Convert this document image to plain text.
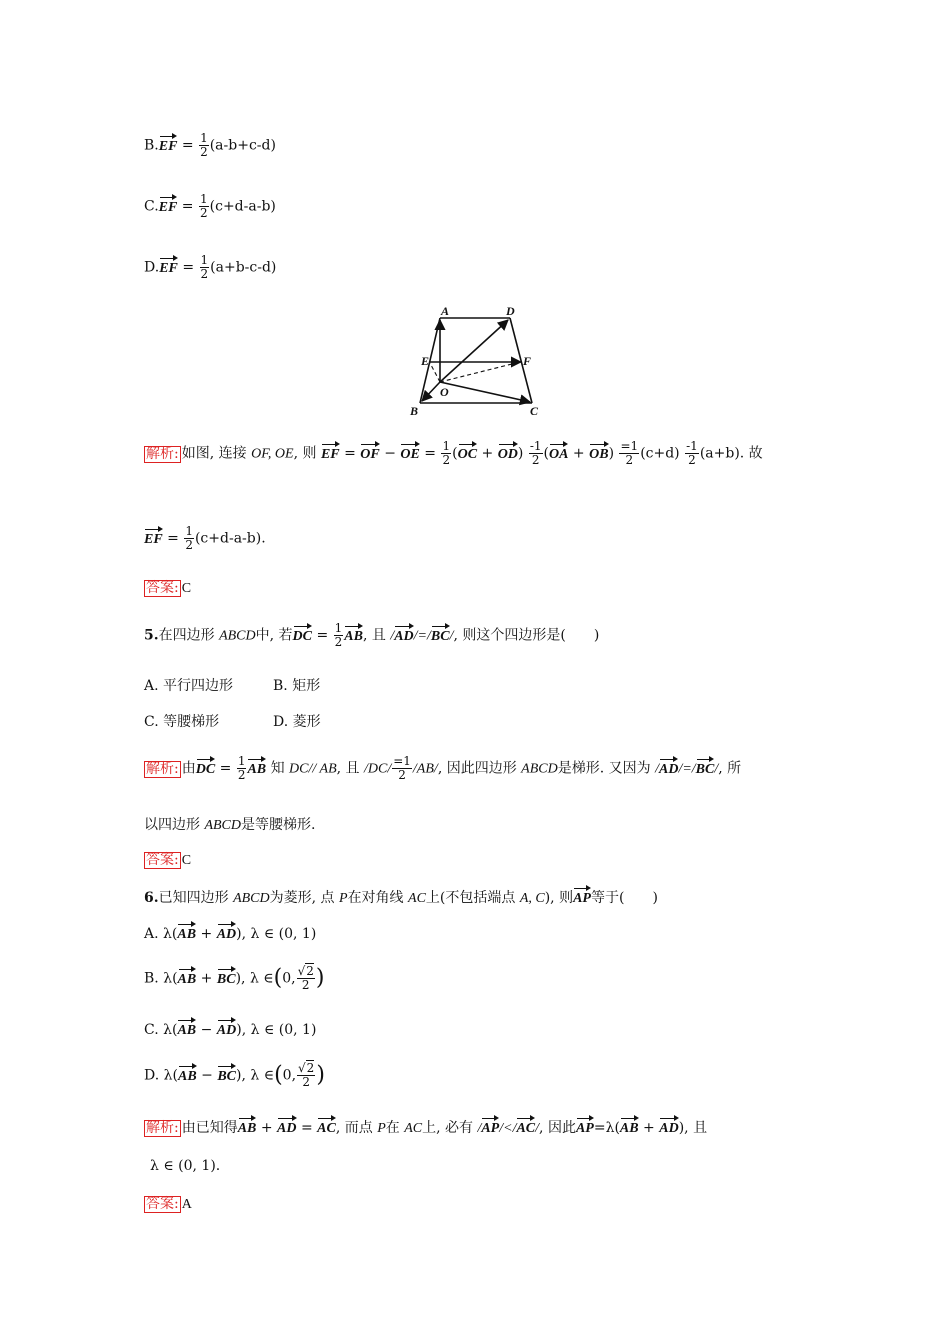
$B.EF = \frac{1}{2} (a-b+c-d)$
$C.EF = \frac{1}{2} (c+d-a-b)$
$D.EF = \frac{1}{2} (a+b-c-d)$
A	D
E	F
O
B	C
解析: 如图, 连接 OF, OE, 则 EF = OF − OE = $\frac{1}{2} (OC + OD) \frac{-1}{2} (OA + OB) \frac{=1}{2} (c+d) \frac{-1}{2} (a+b)$. 故
EF = $\frac{1}{2} (c+d-a-b)$.
答案: C
5.在四边形 ABCD中, 若DC = $\frac{1}{2}$ AB, 且 /AD/=/BC/, 则这个四边形是(　　)
A. 平行四边形	B. 矩形
C. 等腰梯形	D. 菱形
解析: 由DC = $\frac{1}{2}$ AB 知 DC// AB, 且 $/DC/ \frac{=1}{2} /AB/$, 因此四边形 ABCD是梯形. 又因为 /AD/=/BC/, 所
以四边形 ABCD是等腰梯形.
答案: C
6.已知四边形 ABCD为菱形, 点 P在对角线 AC上(不包括端点 A, C), 则AP等于(　　)
A. λ(AB + AD), λ ∈ (0, 1)
B. λ(AB + BC), λ ∈(0, $\frac{√2}{2}$ )
C. λ(AB − AD), λ ∈ (0, 1)
D. λ(AB − BC), λ ∈(0, $\frac{√2}{2}$ )
解析: 由已知得AB + AD = AC, 而点 P在 AC上, 必有 /AP/</AC/, 因此AP=λ(AB + AD), 且
λ ∈ (0, 1).
答案: A
